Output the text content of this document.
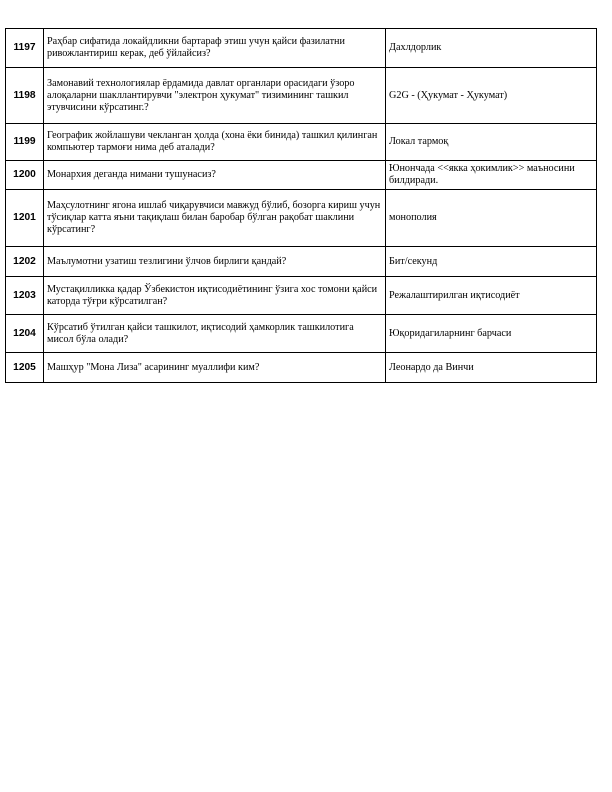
1197	Раҳбар сифатида локайдликни бартараф этиш учун қайси фазилатни ривожлантириш керак, деб ўйлайсиз?	Дахлдорлик
1198	Замонавий технологиялар ёрдамида давлат органлари орасидаги ўзоро алоқаларни шакллантирувчи "электрон ҳукумат" тизимининг ташкил этувчисини кўрсатинг.?	G2G - (Ҳукумат - Ҳукумат)
1199	Географик жойлашуви чекланган ҳолда (хона ёки бинида) ташкил қилинган компьютер тармоғи нима деб аталади?	Локал тармоқ
1200	Монархия деганда нимани тушунасиз?	Юнончада <<якка ҳокимлик>> маъносини билдиради.
1201	Маҳсулотнинг ягона ишлаб чиқарувчиси мавжуд бўлиб, бозорга кириш учун тўсиқлар катта яъни тақиқлаш билан баробар бўлган рақобат шаклини кўрсатинг?	монополия
1202	Маълумотни узатиш тезлигини ўлчов бирлиги қандай?	Бит/секунд
1203	Мустақилликка қадар Ўзбекистон иқтисодиётининг ўзига хос томони қайси каторда тўғри кўрсатилган?	Режалаштирилган иқтисодиёт
1204	Кўрсатиб ўтилган қайси ташкилот, иқтисодий ҳамкорлик ташкилотига мисол бўла олади?	Юқоридагиларнинг барчаси
1205	Машҳур "Мона Лиза" асарининг муаллифи ким?	Леонардо да Винчи
